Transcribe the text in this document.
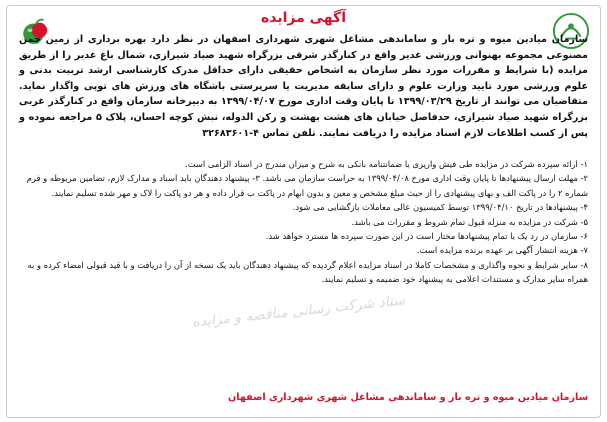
آگهی مزایده
سازمان میادین میوه و تره بار و ساماندهی مشاغل شهری شهرداری اصفهان در نظر دارد بهره برداری از زمین چمن مصنوعی مجموعه بهنوانی ورزشی غدیر واقع در کنارگذر شرقی بزرگراه شهید صیاد شیرازی، شمال باغ غدیر را از طریق مزایده (با شرایط و مقررات مورد نظر سازمان به اشخاص حقیقی دارای حداقل مدرک کارشناسی ارشد تربیت بدنی و علوم ورزشی مورد تایید وزارت علوم و دارای سابقه مدیریت یا سرپرستی باشگاه های ورزش های توپی واگذار نماید. متقاضیان می توانند از تاریخ ۱۳۹۹/۰۳/۲۹ تا پایان وقت اداری مورخ ۱۳۹۹/۰۴/۰۷ به دبیرخانه سازمان واقع در کنارگذر غربی بزرگراه شهید صیاد شیرازی، حدفاصل خیابان های هشت بهشت و رکن الدوله، نبش کوچه احسان، پلاک ۵ مراجعه نموده و پس از کسب اطلاعات لازم اسناد مزایده را دریافت نمایند. تلفن تماس ۴-۳۲۶۸۳۶۰۱

۱- ارائه سپرده شرکت در مزایده طی فیش واریزی یا ضمانتنامه بانکی به شرح و میزان مندرج در اسناد الزامی است.

۲- مهلت ارسال پیشنهادها تا پایان وقت اداری مورخ ۱۳۹۹/۰۴/۰۸ به حراست سازمان می باشد. ۳- پیشنهاد دهندگان باید اسناد و مدارک لازم، تضامین مربوطه و فرم شماره ۲ را در پاکت الف و بهای پیشنهادی را از حیث مبلغ مشخص و معین و بدون ابهام در پاکت ب قرار داده و هر دو پاکت را لاک و مهر شده تسلیم نمایند.

۴- پیشنهادها در تاریخ ۱۳۹۹/۰۴/۱۰ توسط کمیسیون عالی معاملات بازگشایی می شود.

۵- شرکت در مزایده به منزله قبول تمام شروط و مقررات می باشد.

۶- سازمان در رد یک یا تمام پیشنهادها مختار است در این صورت سپرده ها مسترد خواهد شد.

۷- هزینه انتشار آگهی بر عهده برنده مزایده است.

۸- سایر شرایط و نحوه واگذاری و مشخصات کاملا در اسناد مزایده اعلام گردیده که پیشنهاد دهندگان باید یک نسخه از آن را دریافت و با قید قبولی امضاء کرده و به همراه سایر مدارک و مستندات اعلامی به پیشنهاد خود ضمیمه و تسلیم نمایند.

ستاد شرکت رسانی مناقصه و مزایده
سازمان میادین میوه و تره بار و ساماندهی مشاغل شهری شهرداری اصفهان
